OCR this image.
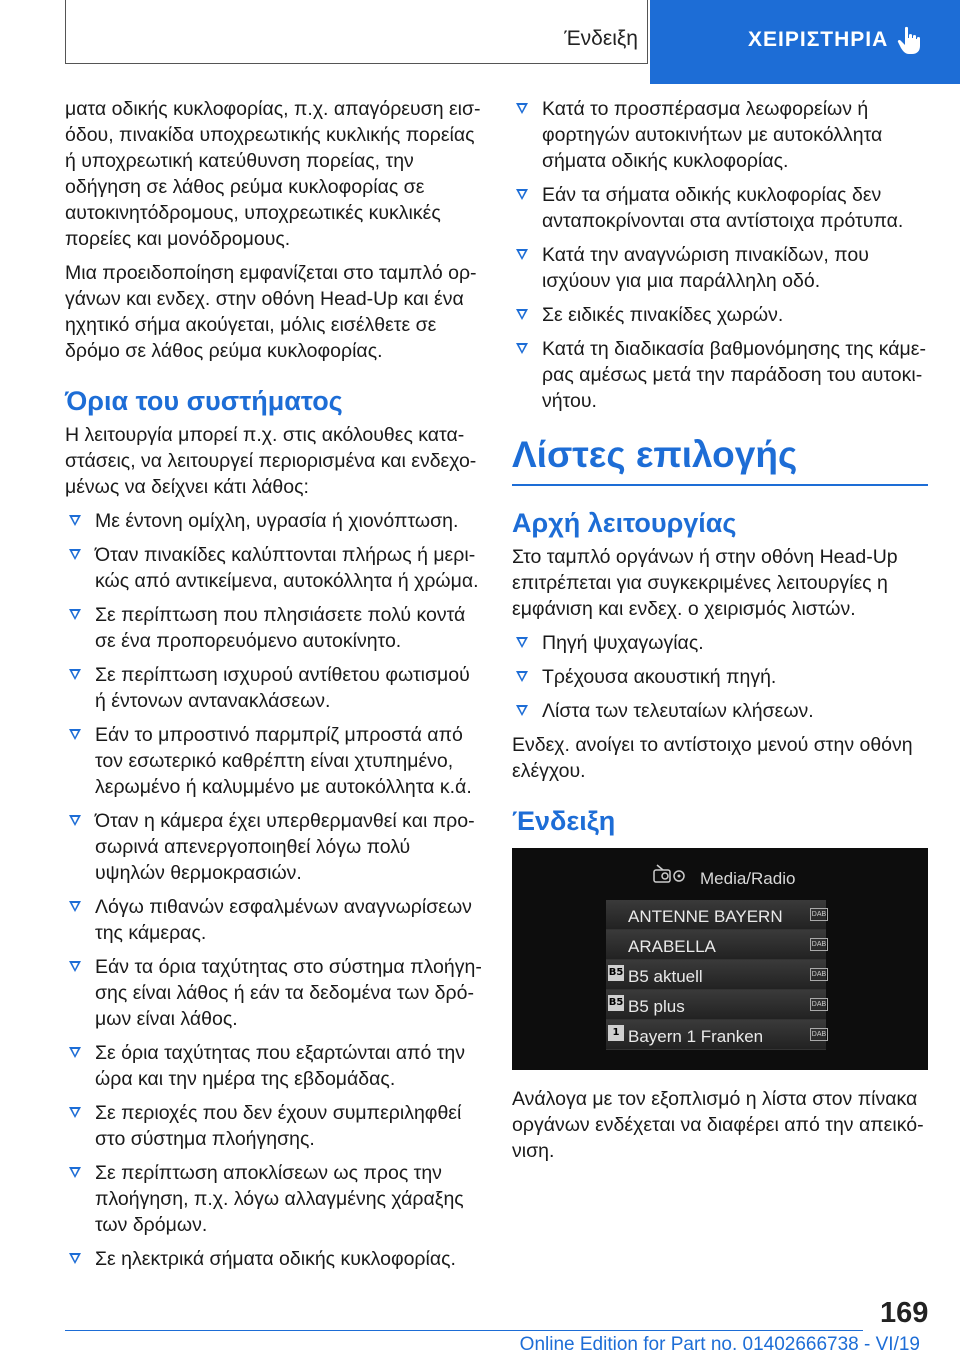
Ένδειξη	ΧΕΙΡΙΣΤΗΡΙΑ

ματα οδικής κυκλοφορίας, π.χ. απαγόρευση εισόδου, πινακίδα υποχρεωτικής κυκλικής πορείας ή υποχρεωτική κατεύθυνση πορείας, την οδήγηση σε λάθος ρεύμα κυκλοφορίας σε αυτοκινητόδρομους, υποχρεωτικές κυκλικές πορείες και μονόδρομους.

Μια προειδοποίηση εμφανίζεται στο ταμπλό οργάνων και ενδεχ. στην οθόνη Head-Up και ένα ηχητικό σήμα ακούγεται, μόλις εισέλθετε σε δρόμο σε λάθος ρεύμα κυκλοφορίας.

Όρια του συστήματος

Η λειτουργία μπορεί π.χ. στις ακόλουθες καταστάσεις, να λειτουργεί περιορισμένα και ενδεχομένως να δείχνει κάτι λάθος:

Με έντονη ομίχλη, υγρασία ή χιονόπτωση.
Όταν πινακίδες καλύπτονται πλήρως ή μερικώς από αντικείμενα, αυτοκόλλητα ή χρώμα.
Σε περίπτωση που πλησιάσετε πολύ κοντά σε ένα προπορευόμενο αυτοκίνητο.
Σε περίπτωση ισχυρού αντίθετου φωτισμού ή έντονων αντανακλάσεων.
Εάν το μπροστινό παρμπρίζ μπροστά από τον εσωτερικό καθρέπτη είναι χτυπημένο, λερωμένο ή καλυμμένο με αυτοκόλλητα κ.ά.
Όταν η κάμερα έχει υπερθερμανθεί και προσωρινά απενεργοποιηθεί λόγω πολύ υψηλών θερμοκρασιών.
Λόγω πιθανών εσφαλμένων αναγνωρίσεων της κάμερας.
Εάν τα όρια ταχύτητας στο σύστημα πλοήγησης είναι λάθος ή εάν τα δεδομένα των δρόμων είναι λάθος.
Σε όρια ταχύτητας που εξαρτώνται από την ώρα και την ημέρα της εβδομάδας.
Σε περιοχές που δεν έχουν συμπεριληφθεί στο σύστημα πλοήγησης.
Σε περίπτωση αποκλίσεων ως προς την πλοήγηση, π.χ. λόγω αλλαγμένης χάραξης των δρόμων.
Σε ηλεκτρικά σήματα οδικής κυκλοφορίας.
Κατά το προσπέρασμα λεωφορείων ή φορτηγών αυτοκινήτων με αυτοκόλλητα σήματα οδικής κυκλοφορίας.
Εάν τα σήματα οδικής κυκλοφορίας δεν ανταποκρίνονται στα αντίστοιχα πρότυπα.
Κατά την αναγνώριση πινακίδων, που ισχύουν για μια παράλληλη οδό.
Σε ειδικές πινακίδες χωρών.
Κατά τη διαδικασία βαθμονόμησης της κάμερας αμέσως μετά την παράδοση του αυτοκινήτου.
Λίστες επιλογής
Αρχή λειτουργίας

Στο ταμπλό οργάνων ή στην οθόνη Head-Up επιτρέπεται για συγκεκριμένες λειτουργίες η εμφάνιση και ενδεχ. ο χειρισμός λιστών.

Πηγή ψυχαγωγίας.
Τρέχουσα ακουστική πηγή.
Λίστα των τελευταίων κλήσεων.

Ενδεχ. ανοίγει το αντίστοιχο μενού στην οθόνη ελέγχου.

Ένδειξη
Media/Radio
ANTENNE BAYERN	DAB
ARABELLA	DAB
B5 B5 aktuell	DAB
B5 B5 plus	DAB
1 Bayern 1 Franken	DAB

Ανάλογα με τον εξοπλισμό η λίστα στον πίνακα οργάνων ενδέχεται να διαφέρει από την απεικόνιση.

169
Online Edition for Part no. 01402666738 - VI/19
